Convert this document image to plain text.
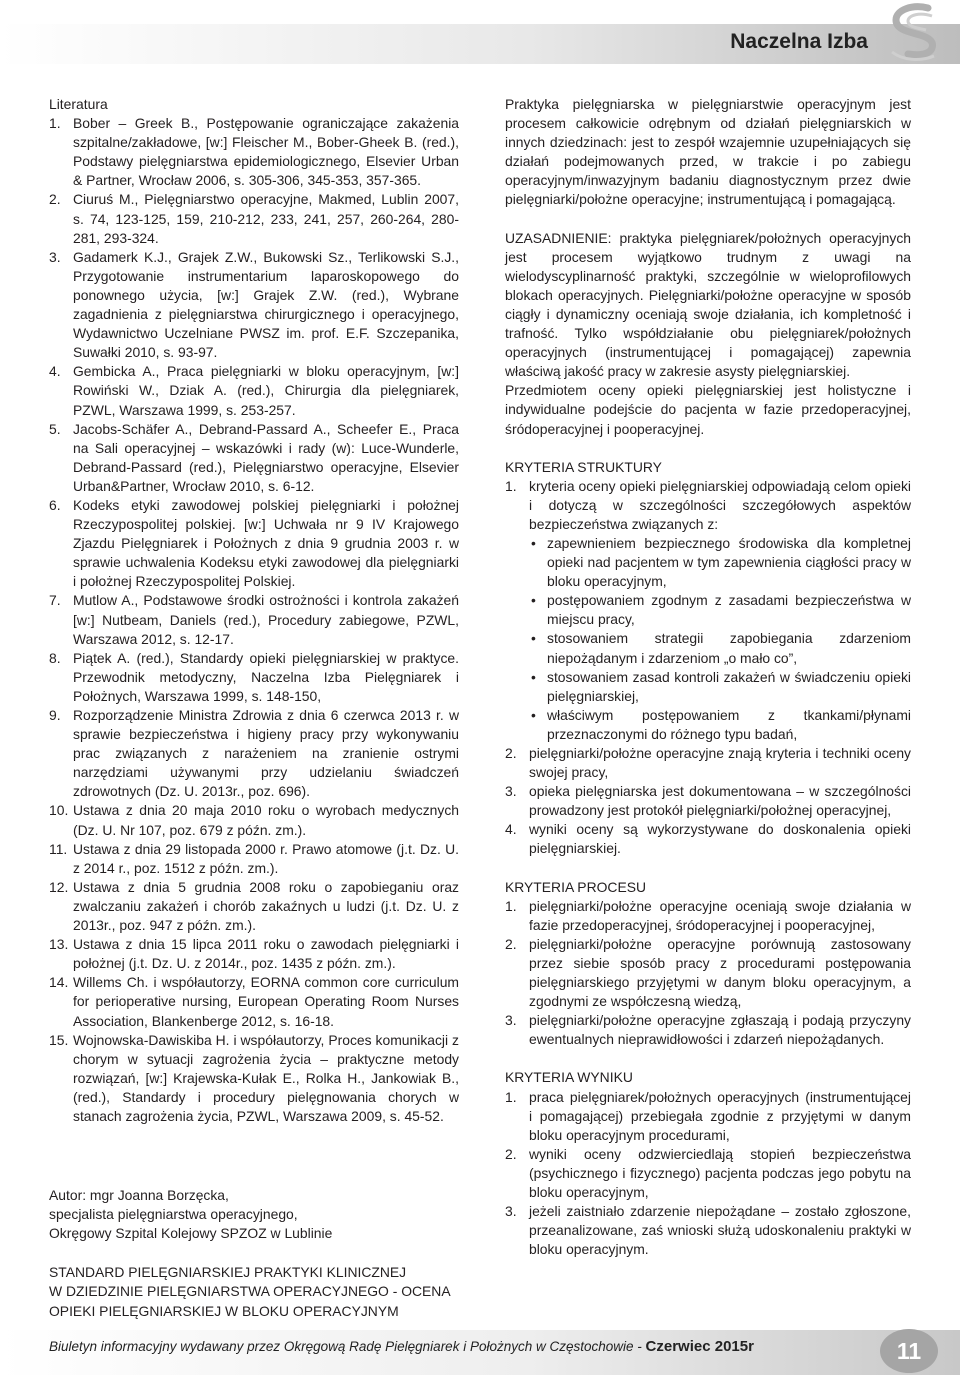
Naczelna Izba

Literatura

1. Bober – Greek B., Postępowanie ograniczające zakażenia szpitalne/zakładowe, [w:] Fleischer M., Bober-Gheek B. (red.), Podstawy pielęgniarstwa epidemiologicznego, Elsevier Urban & Partner, Wrocław 2006, s. 305-306, 345-353, 357-365.
2. Ciuruś M., Pielęgniarstwo operacyjne, Makmed, Lublin 2007, s. 74, 123-125, 159, 210-212, 233, 241, 257, 260-264, 280-281, 293-324.
3. Gadamerk K.J., Grajek Z.W., Bukowski Sz., Terlikowski S.J., Przygotowanie instrumentarium laparoskopowego do ponownego użycia, [w:] Grajek Z.W. (red.), Wybrane zagadnienia z pielęgniarstwa chirurgicznego i operacyjnego, Wydawnictwo Uczelniane PWSZ im. prof. E.F. Szczepanika, Suwałki 2010, s. 93-97.
4. Gembicka A., Praca pielęgniarki w bloku operacyjnym, [w:] Rowiński W., Dziak A. (red.), Chirurgia dla pielęgniarek, PZWL, Warszawa 1999, s. 253-257.
5. Jacobs-Schäfer A., Debrand-Passard A., Scheefer E., Praca na Sali operacyjnej – wskazówki i rady (w): Luce-Wunderle, Debrand-Passard (red.), Pielęgniarstwo operacyjne, Elsevier Urban&Partner, Wrocław 2010, s. 6-12.
6. Kodeks etyki zawodowej polskiej pielęgniarki i położnej Rzeczypospolitej polskiej. [w:] Uchwała nr 9 IV Krajowego Zjazdu Pielęgniarek i Położnych z dnia 9 grudnia 2003 r. w sprawie uchwalenia Kodeksu etyki zawodowej dla pielęgniarki i położnej Rzeczypospolitej Polskiej.
7. Mutlow A., Podstawowe środki ostrożności i kontrola zakażeń [w:] Nutbeam, Daniels (red.), Procedury zabiegowe, PZWL, Warszawa 2012, s. 12-17.
8. Piątek A. (red.), Standardy opieki pielęgniarskiej w praktyce. Przewodnik metodyczny, Naczelna Izba Pielęgniarek i Położnych, Warszawa 1999, s. 148-150,
9. Rozporządzenie Ministra Zdrowia z dnia 6 czerwca 2013 r. w sprawie bezpieczeństwa i higieny pracy przy wykonywaniu prac związanych z narażeniem na zranienie ostrymi narzędziami używanymi przy udzielaniu świadczeń zdrowotnych (Dz. U. 2013r., poz. 696).
10. Ustawa z dnia 20 maja 2010 roku o wyrobach medycznych (Dz. U. Nr 107, poz. 679 z późn. zm.).
11. Ustawa z dnia 29 listopada 2000 r. Prawo atomowe (j.t. Dz. U. z 2014 r., poz. 1512 z późn. zm.).
12. Ustawa z dnia 5 grudnia 2008 roku o zapobieganiu oraz zwalczaniu zakażeń i chorób zakaźnych u ludzi (j.t. Dz. U. z 2013r., poz. 947 z późn. zm.).
13. Ustawa z dnia 15 lipca 2011 roku o zawodach pielęgniarki i położnej (j.t. Dz. U. z 2014r., poz. 1435 z późn. zm.).
14. Willems Ch. i współautorzy, EORNA common core curriculum for perioperative nursing, European Operating Room Nurses Association, Blankenberge 2012, s. 16-18.
15. Wojnowska-Dawiskiba H. i współautorzy, Proces komunikacji z chorym w sytuacji zagrożenia życia – praktyczne metody rozwiązań, [w:] Krajewska-Kułak E., Rolka H., Jankowiak B., (red.), Standardy i procedury pielęgnowania chorych w stanach zagrożenia życia, PZWL, Warszawa 2009, s. 45-52.

Autor: mgr Joanna Borzęcka,

specjalista pielęgniarstwa operacyjnego,

Okręgowy Szpital Kolejowy SPZOZ w Lublinie

STANDARD PIELĘGNIARSKIEJ PRAKTYKI KLINICZNEJ

W DZIEDZINIE PIELĘGNIARSTWA OPERACYJNEGO - OCENA

OPIEKI PIELĘGNIARSKIEJ W BLOKU OPERACYJNYM

Praktyka pielęgniarska w pielęgniarstwie operacyjnym jest procesem całkowicie odrębnym od działań pielęgniarskich w innych dziedzinach: jest to zespół wzajemnie uzupełniających się działań podejmowanych przed, w trakcie i po zabiegu operacyjnym/inwazyjnym badaniu diagnostycznym przez dwie pielęgniarki/położne operacyjne; instrumentującą i pomagającą.

UZASADNIENIE: praktyka pielęgniarek/położnych operacyjnych jest procesem wyjątkowo trudnym z uwagi na wielodyscyplinarność praktyki, szczególnie w wieloprofilowych blokach operacyjnych. Pielęgniarki/położne operacyjne w sposób ciągły i dynamiczny oceniają swoje działania, ich kompletność i trafność. Tylko współdziałanie obu pielęgniarek/położnych operacyjnych (instrumentującej i pomagającej) zapewnia właściwą jakość pracy w zakresie asysty pielęgniarskiej.

Przedmiotem oceny opieki pielęgniarskiej jest holistyczne i indywidualne podejście do pacjenta w fazie przedoperacyjnej, śródoperacyjnej i pooperacyjnej.

KRYTERIA STRUKTURY

1. kryteria oceny opieki pielęgniarskiej odpowiadają celom opieki i dotyczą w szczególności szczegółowych aspektów bezpieczeństwa związanych z:
• zapewnieniem bezpiecznego środowiska dla kompletnej opieki nad pacjentem w tym zapewnienia ciągłości pracy w bloku operacyjnym,
• postępowaniem zgodnym z zasadami bezpieczeństwa w miejscu pracy,
• stosowaniem strategii zapobiegania zdarzeniom niepożądanym i zdarzeniom „o mało co”,
• stosowaniem zasad kontroli zakażeń w świadczeniu opieki pielęgniarskiej,
• właściwym postępowaniem z tkankami/płynami przeznaczonymi do różnego typu badań,
2. pielęgniarki/położne operacyjne znają kryteria i techniki oceny swojej pracy,
3. opieka pielęgniarska jest dokumentowana – w szczególności prowadzony jest protokół pielęgniarki/położnej operacyjnej,
4. wyniki oceny są wykorzystywane do doskonalenia opieki pielęgniarskiej.

KRYTERIA PROCESU

1. pielęgniarki/położne operacyjne oceniają swoje działania w fazie przedoperacyjnej, śródoperacyjnej i pooperacyjnej,
2. pielęgniarki/położne operacyjne porównują zastosowany przez siebie sposób pracy z procedurami postępowania pielęgniarskiego przyjętymi w danym bloku operacyjnym, a zgodnymi ze współczesną wiedzą,
3. pielęgniarki/położne operacyjne zgłaszają i podają przyczyny ewentualnych nieprawidłowości i zdarzeń niepożądanych.

KRYTERIA WYNIKU

1. praca pielęgniarek/położnych operacyjnych (instrumentującej i pomagającej) przebiegała zgodnie z przyjętymi w danym bloku operacyjnym procedurami,
2. wyniki oceny odzwierciedlają stopień bezpieczeństwa (psychicznego i fizycznego) pacjenta podczas jego pobytu na bloku operacyjnym,
3. jeżeli zaistniało zdarzenie niepożądane – zostało zgłoszone, przeanalizowane, zaś wnioski służą udoskonaleniu praktyki w bloku operacyjnym.
Biuletyn informacyjny wydawany przez Okręgową Radę Pielęgniarek i Położnych w Częstochowie - Czerwiec 2015r	11
